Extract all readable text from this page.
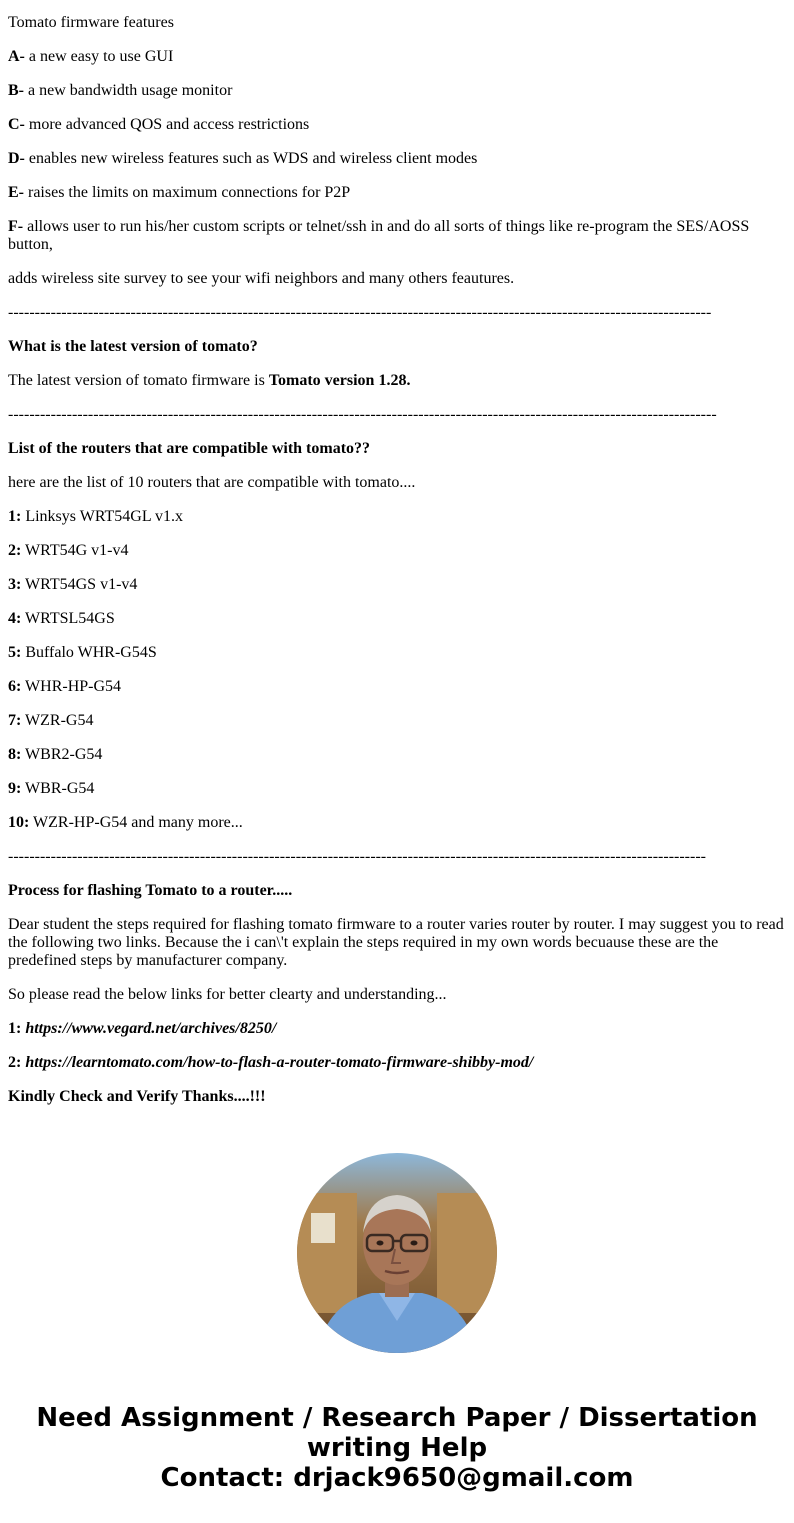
Tomato firmware features

A- a new easy to use GUI

B- a new bandwidth usage monitor

C- more advanced QOS and access restrictions

D- enables new wireless features such as WDS and wireless client modes

E- raises the limits on maximum connections for P2P

F- allows user to run his/her custom scripts or telnet/ssh in and do all sorts of things like re-program the SES/AOSS button,

adds wireless site survey to see your wifi neighbors and many others feautures.

------------------------------------------------------------------------------------------------------------------------------------

What is the latest version of tomato?

The latest version of tomato firmware is Tomato version 1.28.

-------------------------------------------------------------------------------------------------------------------------------------

List of the routers that are compatible with tomato??

here are the list of 10 routers that are compatible with tomato....

1: Linksys WRT54GL v1.x

2: WRT54G v1-v4

3: WRT54GS v1-v4

4: WRTSL54GS

5: Buffalo WHR-G54S

6: WHR-HP-G54

7: WZR-G54

8: WBR2-G54

9: WBR-G54

10: WZR-HP-G54 and many more...

-----------------------------------------------------------------------------------------------------------------------------------

Process for flashing Tomato to a router.....

Dear student the steps required for flashing tomato firmware to a router varies router by router. I may suggest you to read the following two links. Because the i can\'t explain the steps required in my own words becuause these are the predefined steps by manufacturer company.

So please read the below links for better clearty and understanding...

1: https://www.vegard.net/archives/8250/

2: https://learntomato.com/how-to-flash-a-router-tomato-firmware-shibby-mod/

Kindly Check and Verify Thanks....!!!

Need Assignment / Research Paper / Dissertation writing Help
Contact: drjack9650@gmail.com
